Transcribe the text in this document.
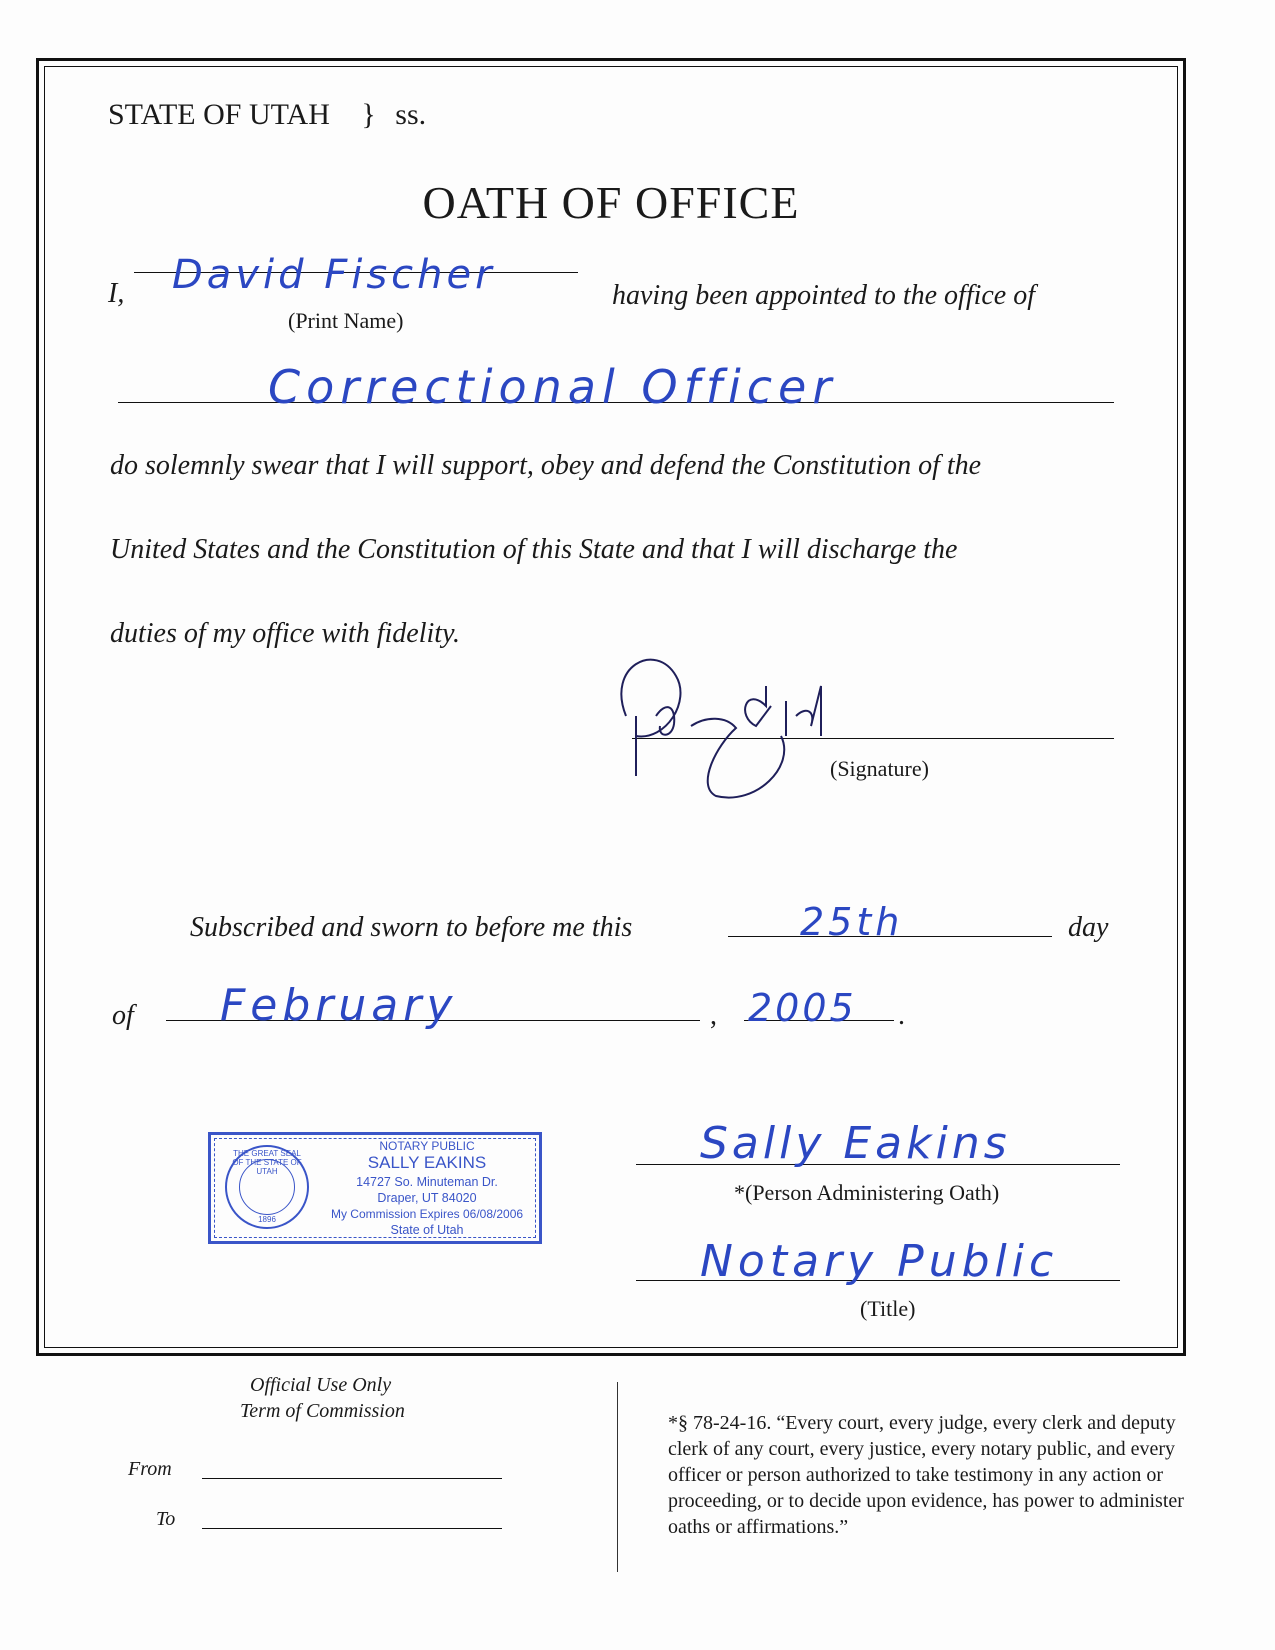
STATE OF UTAH } ss.
OATH OF OFFICE
I, David Fischer
(Print Name)
having been appointed to the office of
Correctional Officer
do solemnly swear that I will support, obey and defend the Constitution of the
United States and the Constitution of this State and that I will discharge the
duties of my office with fidelity.
(Signature)
Subscribed and sworn to before me this	25th	day
of February	, 2005 .
THE GREAT SEAL OF THE STATE OF UTAH
1896
NOTARY PUBLIC
SALLY EAKINS
14727 So. Minuteman Dr.
Draper, UT 84020
My Commission Expires 06/08/2006
State of Utah
Sally Eakins
*(Person Administering Oath)
Notary Public
(Title)
Official Use Only
Term of Commission
From
To
*§ 78-24-16. “Every court, every judge, every clerk and deputy clerk of any court, every justice, every notary public, and every officer or person authorized to take testimony in any action or proceeding, or to decide upon evidence, has power to administer oaths or affirmations.”
